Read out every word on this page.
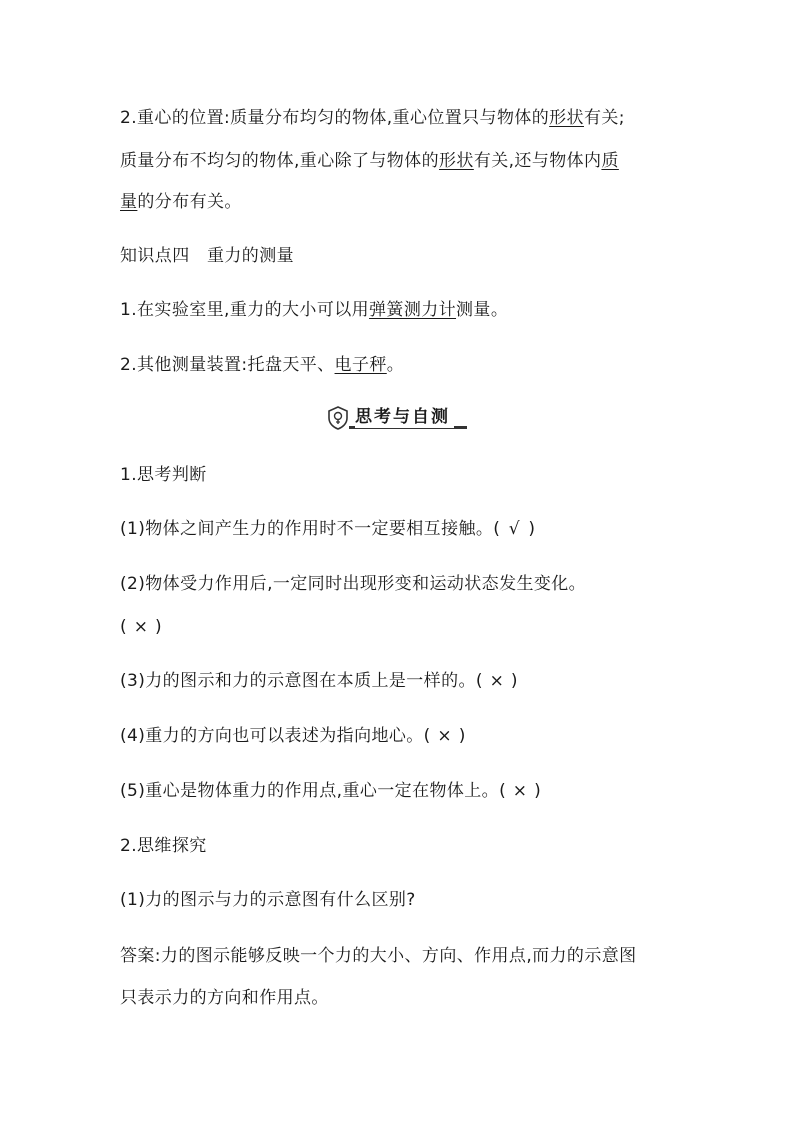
2.重心的位置:质量分布均匀的物体,重心位置只与物体的形状有关;
质量分布不均匀的物体,重心除了与物体的形状有关,还与物体内质
量的分布有关。
知识点四　重力的测量
1.在实验室里,重力的大小可以用弹簧测力计测量。
2.其他测量装置:托盘天平、电子秤。
思考与自测
1.思考判断
(1)物体之间产生力的作用时不一定要相互接触。( √ )
(2)物体受力作用后,一定同时出现形变和运动状态发生变化。
( × )
(3)力的图示和力的示意图在本质上是一样的。( × )
(4)重力的方向也可以表述为指向地心。( × )
(5)重心是物体重力的作用点,重心一定在物体上。( × )
2.思维探究
(1)力的图示与力的示意图有什么区别?
答案:力的图示能够反映一个力的大小、方向、作用点,而力的示意图
只表示力的方向和作用点。
